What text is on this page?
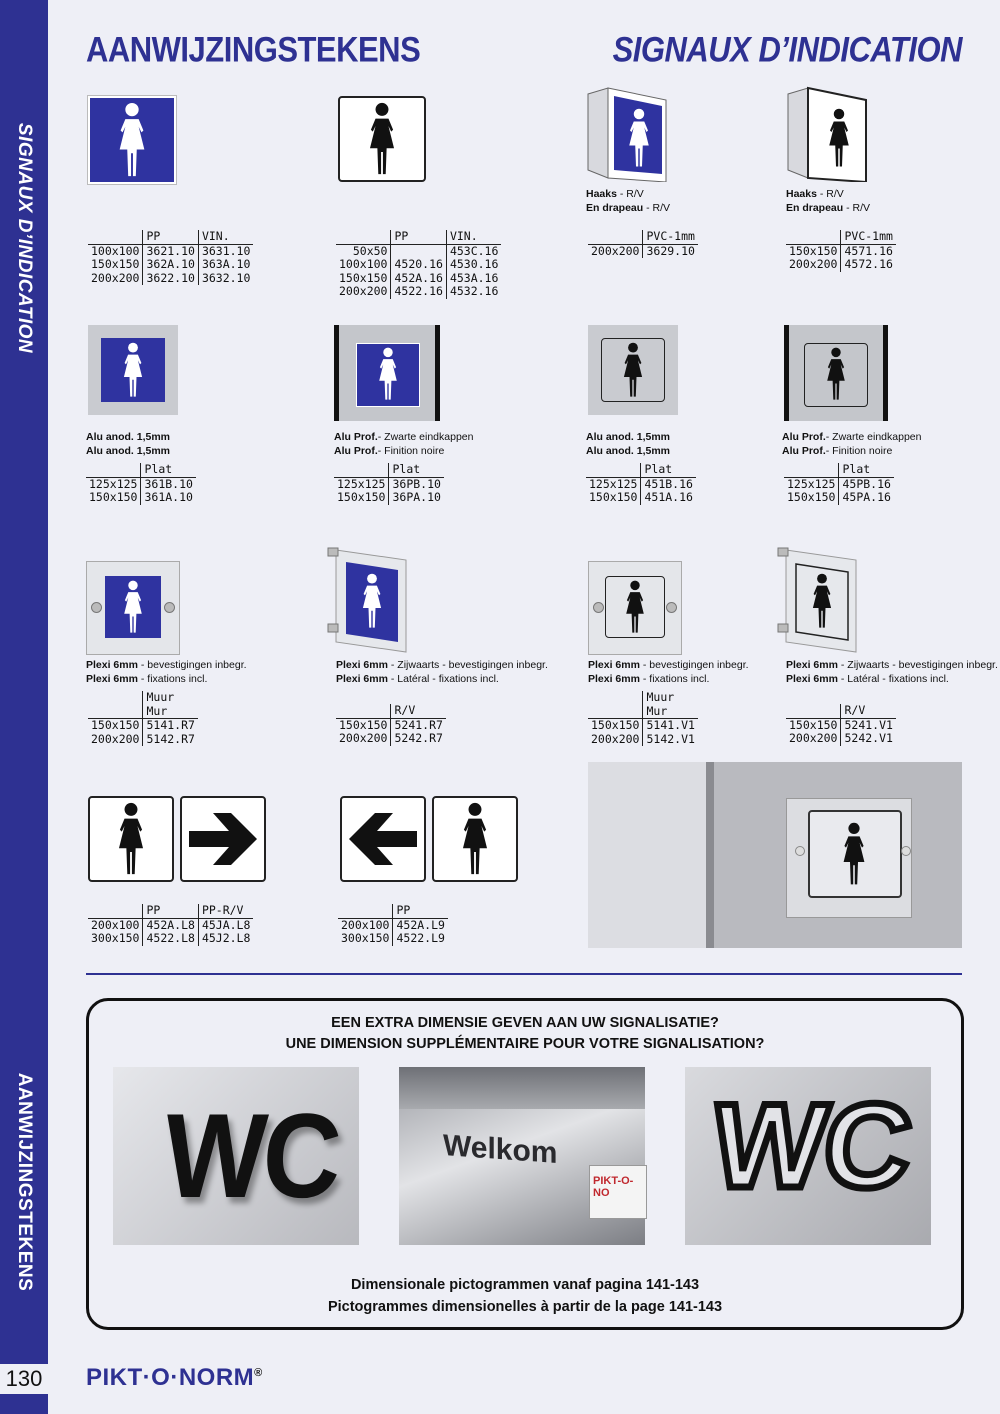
SIGNAUX D’INDICATION
AANWIJZINGSTEKENS
130
AANWIJZINGSTEKENS	SIGNAUX D’INDICATION
Haaks - R/V
En drapeau - R/V
Haaks - R/V
En drapeau - R/V
	PP	VIN.
100x100	3621.10	3631.10
150x150	362A.10	363A.10
200x200	3622.10	3632.10
	PP	VIN.
50x50		453C.16
100x100	4520.16	4530.16
150x150	452A.16	453A.16
200x200	4522.16	4532.16
	PVC-1mm
200x200	3629.10
	PVC-1mm
150x150	4571.16
200x200	4572.16
Alu anod. 1,5mm
Alu anod. 1,5mm
Alu Prof.- Zwarte eindkappen
Alu Prof.- Finition noire
Alu anod. 1,5mm
Alu anod. 1,5mm
Alu Prof.- Zwarte eindkappen
Alu Prof.- Finition noire
	Plat
125x125	361B.10
150x150	361A.10
	Plat
125x125	36PB.10
150x150	36PA.10
	Plat
125x125	451B.16
150x150	451A.16
	Plat
125x125	45PB.16
150x150	45PA.16
Plexi 6mm - bevestigingen inbegr.
Plexi 6mm - fixations incl.
Plexi 6mm - Zijwaarts - bevestigingen inbegr.
Plexi 6mm - Latéral - fixations incl.
Plexi 6mm - bevestigingen inbegr.
Plexi 6mm - fixations incl.
Plexi 6mm - Zijwaarts - bevestigingen inbegr.
Plexi 6mm - Latéral - fixations incl.
	Muur
Mur
150x150	5141.R7
200x200	5142.R7
	R/V
150x150	5241.R7
200x200	5242.R7
	Muur
Mur
150x150	5141.V1
200x200	5142.V1
	R/V
150x150	5241.V1
200x200	5242.V1
	PP	PP-R/V
200x100	452A.L8	45JA.L8
300x150	4522.L8	45J2.L8
	PP
200x100	452A.L9
300x150	4522.L9
EEN EXTRA DIMENSIE GEVEN AAN UW SIGNALISATIE?
UNE DIMENSION SUPPLÉMENTAIRE POUR VOTRE SIGNALISATION?
WC	Welkom
PIKT-O-NO WC
Dimensionale pictogrammen vanaf pagina 141-143
Pictogrammes dimensionelles à partir de la page 141-143
PIKT·O·NORM®
